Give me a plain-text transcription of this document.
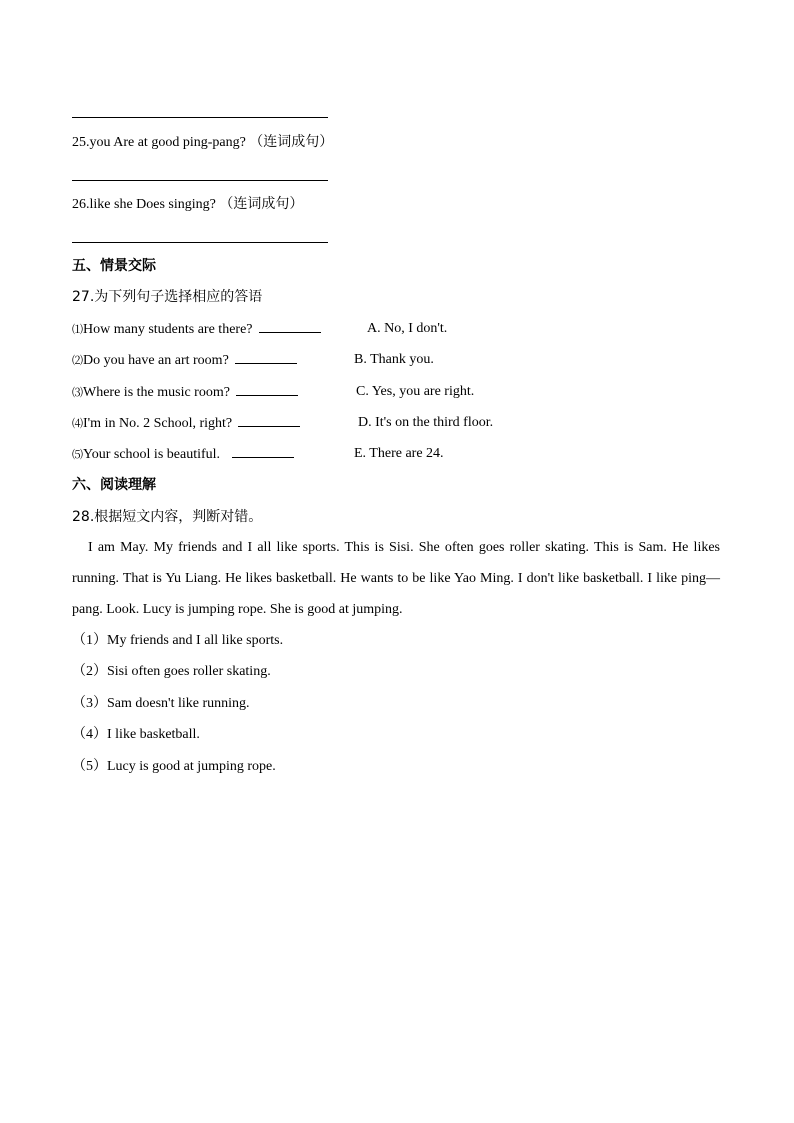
25.you Are at good ping-pang? （连词成句）
26.like she Does singing? （连词成句）
五、情景交际
27.为下列句子选择相应的答语
⑴How many students are there?	A. No, I don't.
⑵Do you have an art room?	B. Thank you.
⑶Where is the music room?	C. Yes, you are right.
⑷I'm in No. 2 School, right?	D. It's on the third floor.
⑸Your school is beautiful.	E. There are 24.
六、阅读理解
28.根据短文内容，判断对错。

I am May. My friends and I all like sports. This is Sisi. She often goes roller skating. This is Sam. He likes running. That is Yu Liang. He likes basketball. He wants to be like Yao Ming. I don't like basketball. I like ping—pang. Look. Lucy is jumping rope. She is good at jumping.

（1）My friends and I all like sports.
（2）Sisi often goes roller skating.
（3）Sam doesn't like running.
（4）I like basketball.
（5）Lucy is good at jumping rope.
